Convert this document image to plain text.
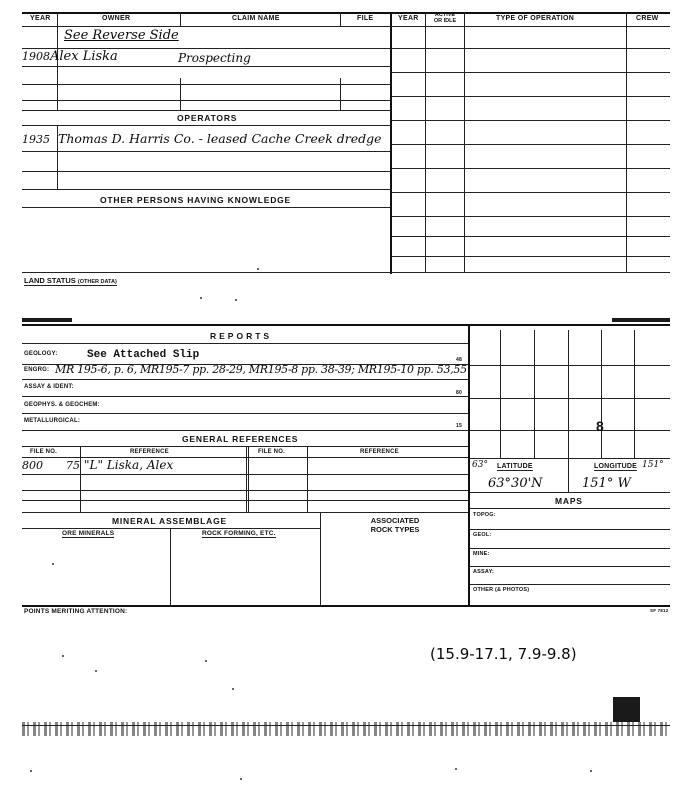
YEAR	OWNER	CLAIM NAME	FILE	YEAR	ACTIVE
OR IDLE	TYPE OF OPERATION	CREW
See Reverse Side
1908 Alex Liska	Prospecting
OPERATORS
1935 Thomas D. Harris Co. - leased Cache Creek dredge
OTHER PERSONS HAVING KNOWLEDGE
LAND STATUS (OTHER DATA)
REPORTS
GEOLOGY:	See Attached Slip	48
ENGRG: MR 195-6, p. 6, MR195-7 pp. 28-29, MR195-8 pp. 38-39; MR195-10 pp. 53,55
ASSAY & IDENT:
80
GEOPHYS. & GEOCHEM:
METALLURGICAL:
15
GENERAL REFERENCES
FILE NO.	REFERENCE	FILE NO.	REFERENCE
800 75 "L" Liska, Alex
8
63° LATITUDE	LONGITUDE 151°
63°30'N	151° W
MAPS
TOPOG:
GEOL:
MINE:
ASSAY:
OTHER (& PHOTOS)
MINERAL ASSEMBLAGE	ASSOCIATED
ROCK TYPES
ORE MINERALS	ROCK FORMING, ETC.
POINTS MERITING ATTENTION:	SF 7812
(15.9-17.1, 7.9-9.8)
